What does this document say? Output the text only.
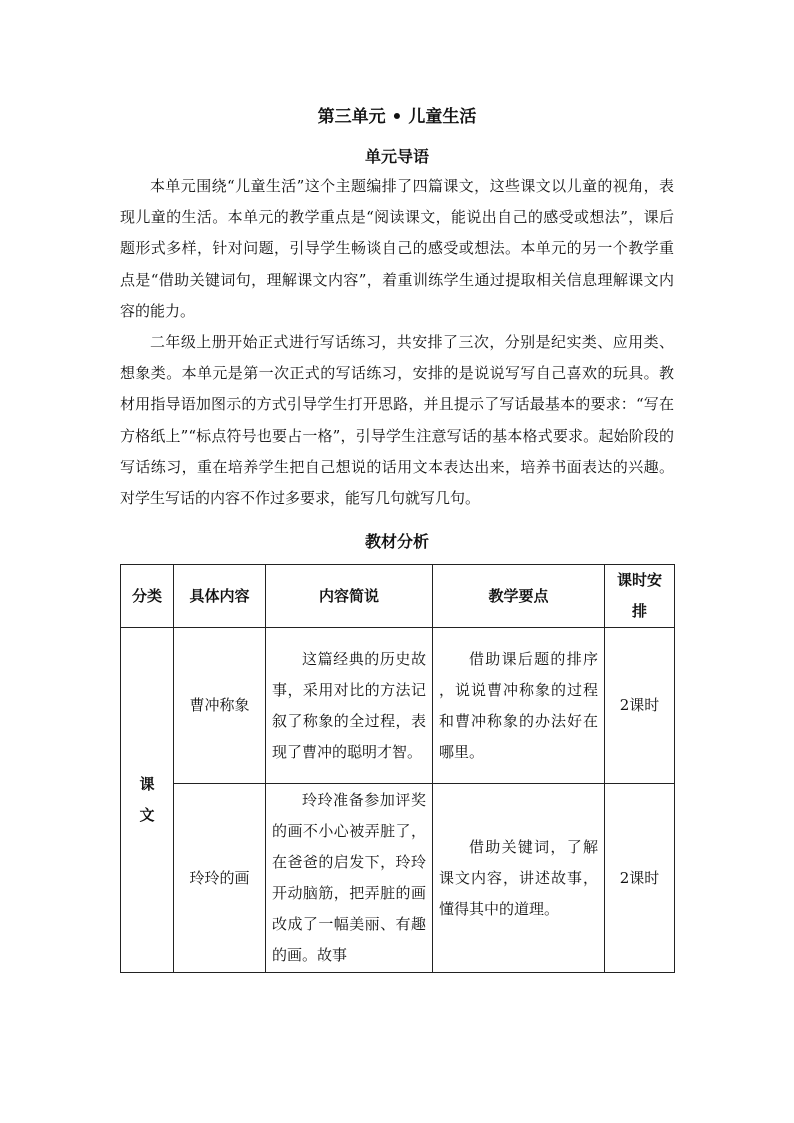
第三单元 • 儿童生活
单元导语

本单元围绕“儿童生活”这个主题编排了四篇课文，这些课文以儿童的视角，表现儿童的生活。本单元的教学重点是“阅读课文，能说出自己的感受或想法”，课后题形式多样，针对问题，引导学生畅谈自己的感受或想法。本单元的另一个教学重点是“借助关键词句，理解课文内容”，着重训练学生通过提取相关信息理解课文内容的能力。

二年级上册开始正式进行写话练习，共安排了三次，分别是纪实类、应用类、想象类。本单元是第一次正式的写话练习，安排的是说说写写自己喜欢的玩具。教材用指导语加图示的方式引导学生打开思路，并且提示了写话最基本的要求：“写在方格纸上”“标点符号也要占一格”，引导学生注意写话的基本格式要求。起始阶段的写话练习，重在培养学生把自己想说的话用文本表达出来，培养书面表达的兴趣。对学生写话的内容不作过多要求，能写几句就写几句。

教材分析
分类	具体内容	内容简说	教学要点	课时安排

课文	曹冲称象	这篇经典的历史故事，采用对比的方法记叙了称象的全过程，表现了曹冲的聪明才智。	借助课后题的排序，说说曹冲称象的过程和曹冲称象的办法好在哪里。	2课时
	玲玲的画	玲玲准备参加评奖的画不小心被弄脏了，在爸爸的启发下，玲玲开动脑筋，把弄脏的画改成了一幅美丽、有趣的画。故事	借助关键词，了解课文内容，讲述故事，懂得其中的道理。	2课时
